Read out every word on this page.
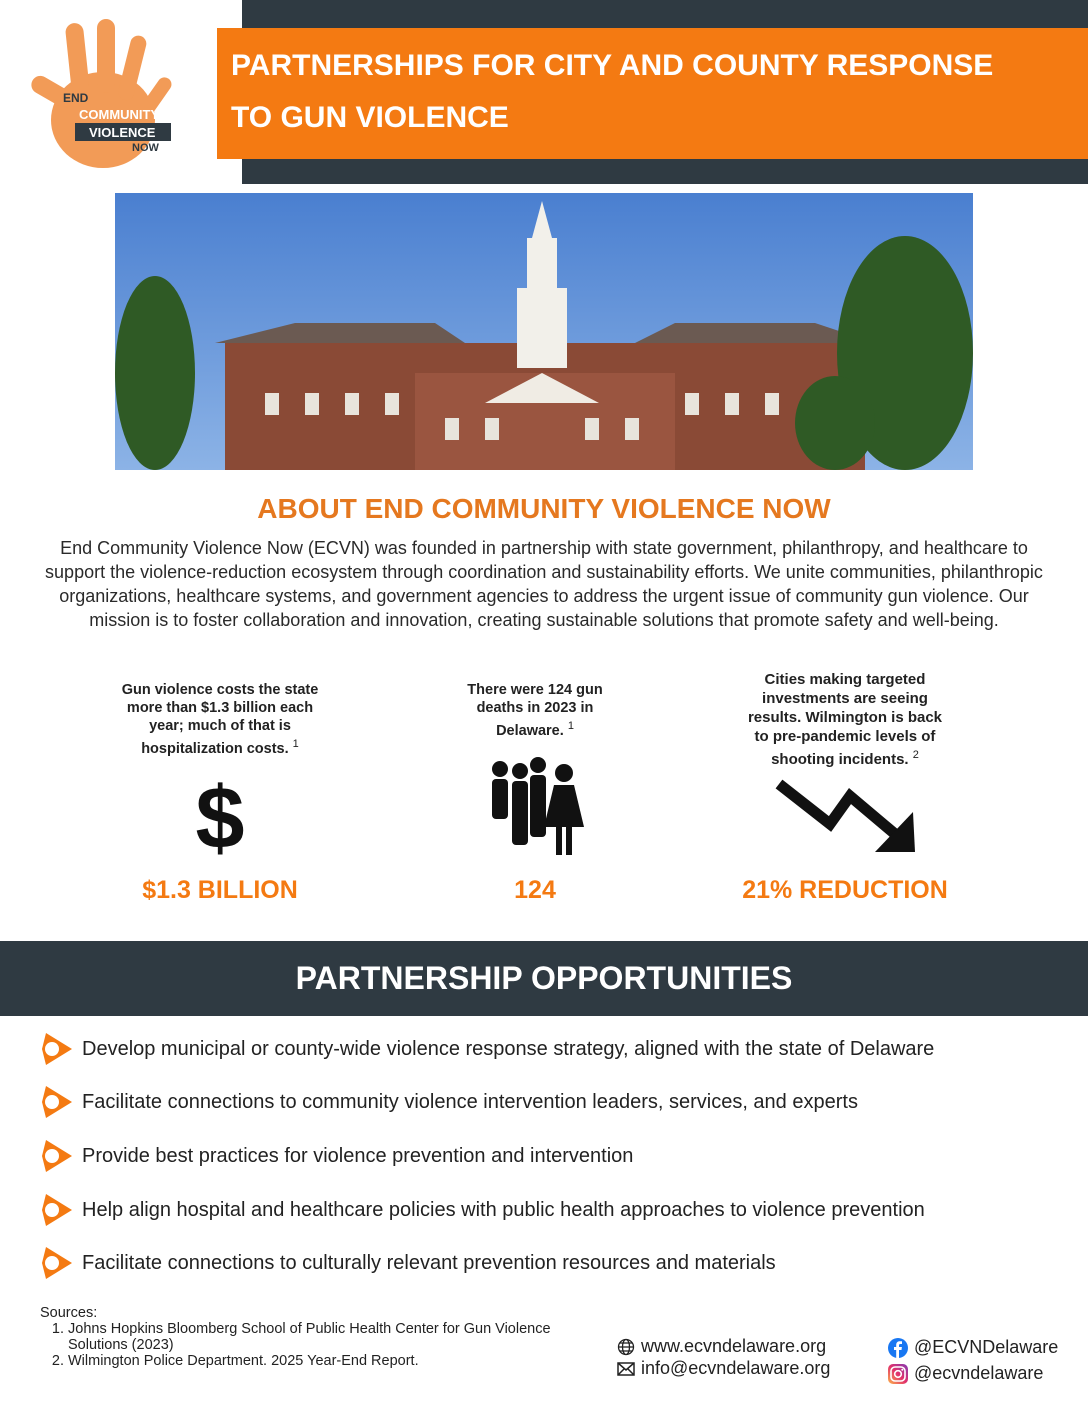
PARTNERSHIPS FOR CITY AND COUNTY RESPONSE
TO GUN VIOLENCE
END
COMMUNITY
VIOLENCE
NOW
ABOUT END COMMUNITY VIOLENCE NOW

End Community Violence Now (ECVN) was founded in partnership with state government, philanthropy, and healthcare to support the violence-reduction ecosystem through coordination and sustainability efforts. We unite communities, philanthropic organizations, healthcare systems, and government agencies to address the urgent issue of community gun violence. Our mission is to foster collaboration and innovation, creating sustainable solutions that promote safety and well-being.

Gun violence costs the state more than $1.3 billion each year; much of that is hospitalization costs. $^1$
$
$1.3 BILLION
There were 124 gun deaths in 2023 in Delaware. $^1$
124
Cities making targeted investments are seeing results. Wilmington is back to pre-pandemic levels of shooting incidents. $^2$
21% REDUCTION
PARTNERSHIP OPPORTUNITIES
Develop municipal or county-wide violence response strategy, aligned with the state of Delaware
Facilitate connections to community violence intervention leaders, services, and experts
Provide best practices for violence prevention and intervention
Help align hospital and healthcare policies with public health approaches to violence prevention
Facilitate connections to culturally relevant prevention resources and materials
Sources:
1. Johns Hopkins Bloomberg School of Public Health Center for Gun Violence Solutions (2023)
2. Wilmington Police Department. 2025 Year-End Report.
www.ecvndelaware.org
info@ecvndelaware.org
@ECVNDelaware
@ecvndelaware
